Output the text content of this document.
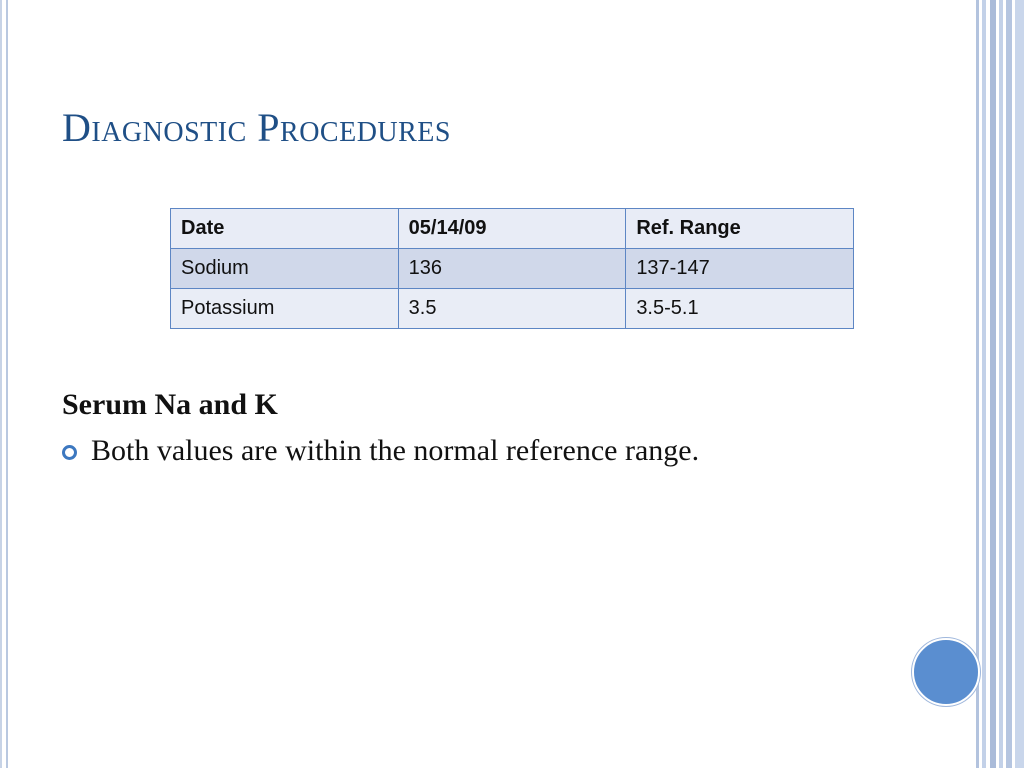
Diagnostic Procedures
Date	05/14/09	Ref. Range
Sodium	136	137-147
Potassium	3.5	3.5-5.1
Serum Na and K
Both values are within the normal reference range.
